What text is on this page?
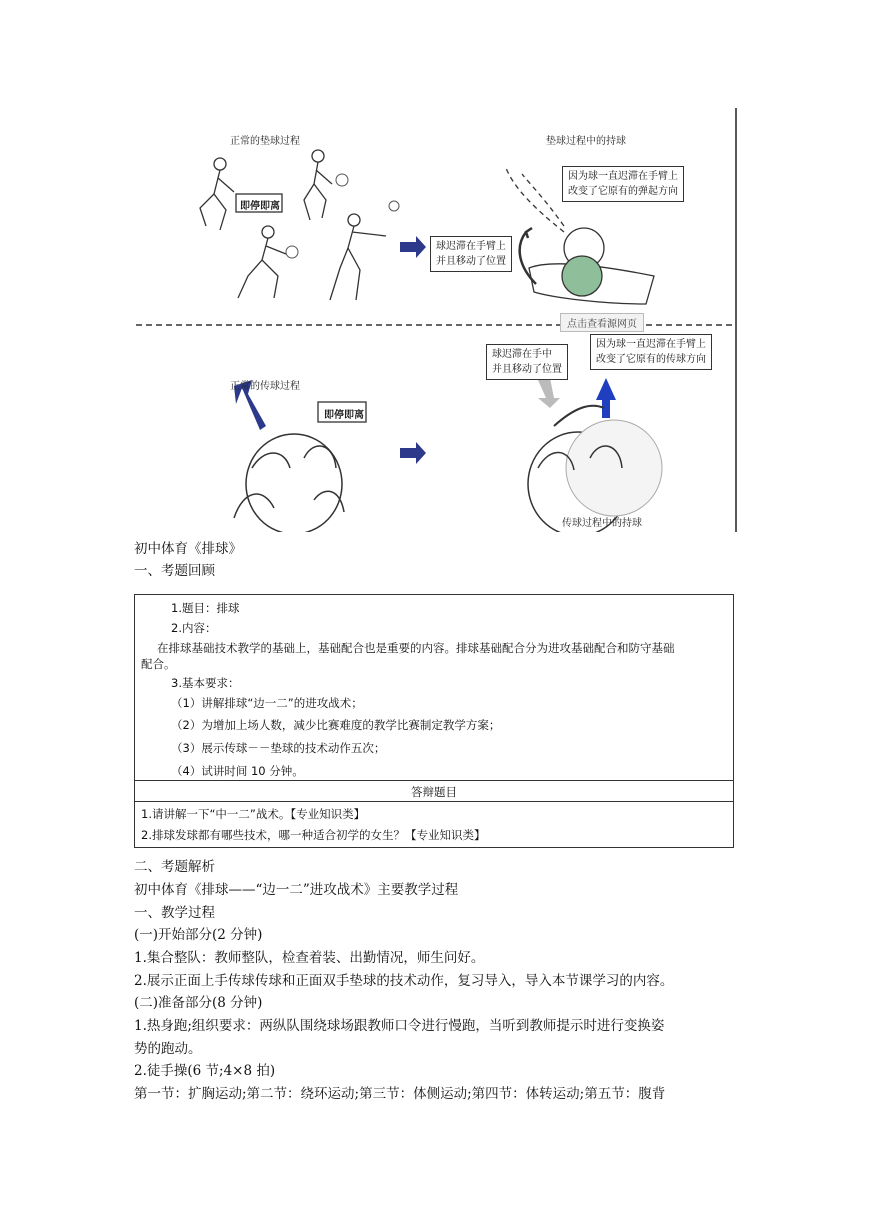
正常的垫球过程	垫球过程中的持球
正常的传球过程
传球过程中的持球
即停即离
即停即离
球迟滞在手臂上
并且移动了位置
因为球一直迟滞在手臂上
改变了它原有的弹起方向
球迟滞在手中
并且移动了位置
因为球一直迟滞在手臂上
改变了它原有的传球方向
点击查看源网页
初中体育《排球》
一、考题回顾
1.题目：排球
2.内容：
在排球基础技术教学的基础上，基础配合也是重要的内容。排球基础配合分为进攻基础配合和防守基础
配合。
3.基本要求：
（1）讲解排球“边一二”的进攻战术；
（2）为增加上场人数，减少比赛难度的教学比赛制定教学方案；
（3）展示传球－－垫球的技术动作五次；
（4）试讲时间 10 分钟。
答辩题目
1.请讲解一下“中一二”战术。【专业知识类】
2.排球发球都有哪些技术，哪一种适合初学的女生？【专业知识类】
二、考题解析
初中体育《排球——“边一二”进攻战术》主要教学过程
一、教学过程
(一)开始部分(2 分钟)
1.集合整队：教师整队，检查着装、出勤情况，师生问好。
2.展示正面上手传球传球和正面双手垫球的技术动作，复习导入，导入本节课学习的内容。
(二)准备部分(8 分钟)
1.热身跑;组织要求：两纵队围绕球场跟教师口令进行慢跑，当听到教师提示时进行变换姿
势的跑动。
2.徒手操(6 节;4×8 拍)
第一节：扩胸运动;第二节：绕环运动;第三节：体侧运动;第四节：体转运动;第五节：腹背
